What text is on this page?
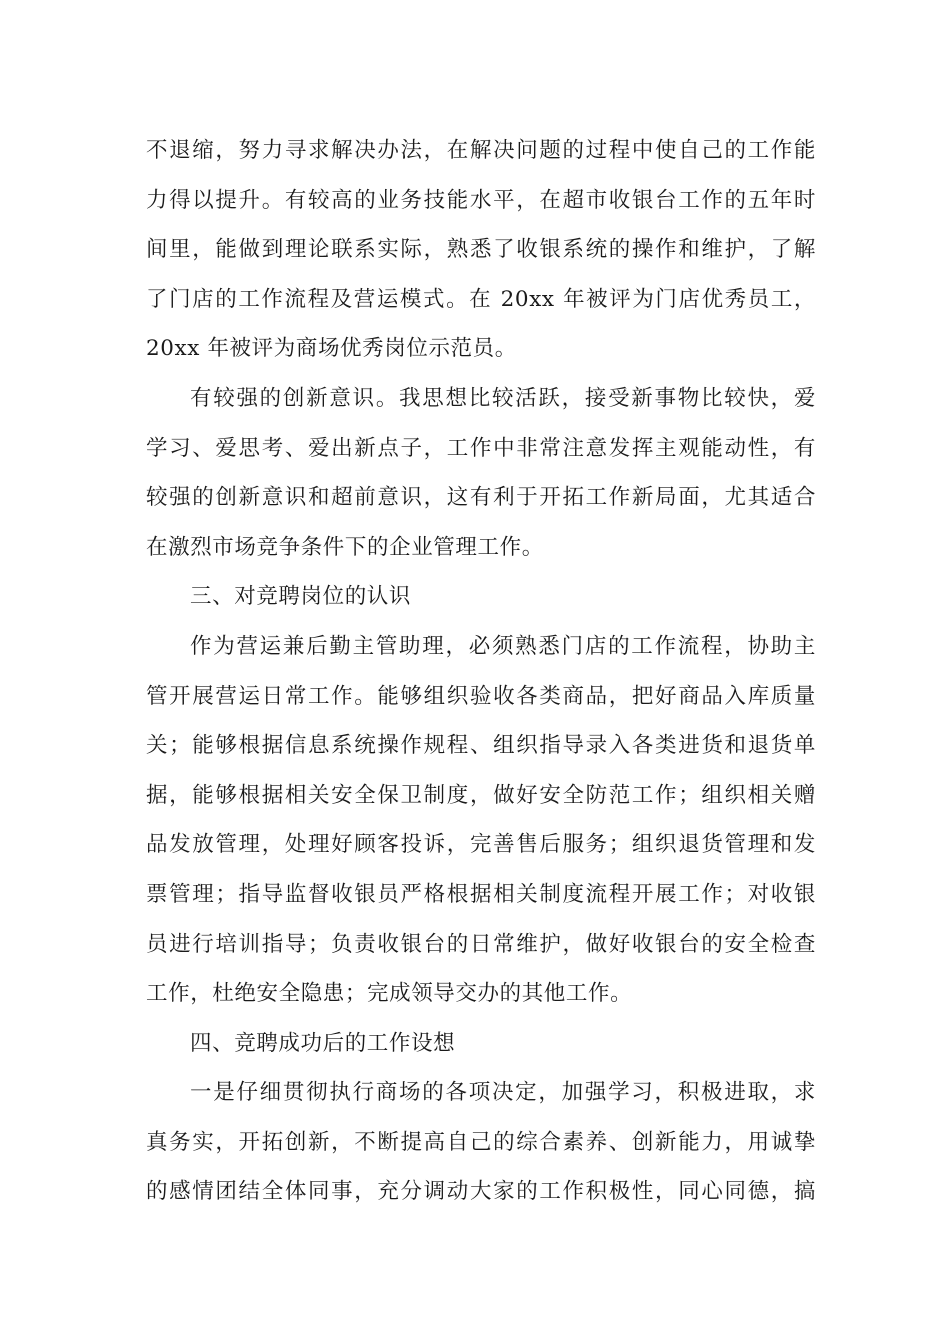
不退缩，努力寻求解决办法，在解决问题的过程中使自己的工作能
力得以提升。有较高的业务技能水平，在超市收银台工作的五年时
间里，能做到理论联系实际，熟悉了收银系统的操作和维护，了解
了门店的工作流程及营运模式。在 20xx 年被评为门店优秀员工，
20xx 年被评为商场优秀岗位示范员。
有较强的创新意识。我思想比较活跃，接受新事物比较快，爱
学习、爱思考、爱出新点子，工作中非常注意发挥主观能动性，有
较强的创新意识和超前意识，这有利于开拓工作新局面，尤其适合
在激烈市场竞争条件下的企业管理工作。
三、对竞聘岗位的认识
作为营运兼后勤主管助理，必须熟悉门店的工作流程，协助主
管开展营运日常工作。能够组织验收各类商品，把好商品入库质量
关；能够根据信息系统操作规程、组织指导录入各类进货和退货单
据，能够根据相关安全保卫制度，做好安全防范工作；组织相关赠
品发放管理，处理好顾客投诉，完善售后服务；组织退货管理和发
票管理；指导监督收银员严格根据相关制度流程开展工作；对收银
员进行培训指导；负责收银台的日常维护，做好收银台的安全检查
工作，杜绝安全隐患；完成领导交办的其他工作。
四、竞聘成功后的工作设想
一是仔细贯彻执行商场的各项决定，加强学习，积极进取，求
真务实，开拓创新，不断提高自己的综合素养、创新能力，用诚挚
的感情团结全体同事，充分调动大家的工作积极性，同心同德，搞
